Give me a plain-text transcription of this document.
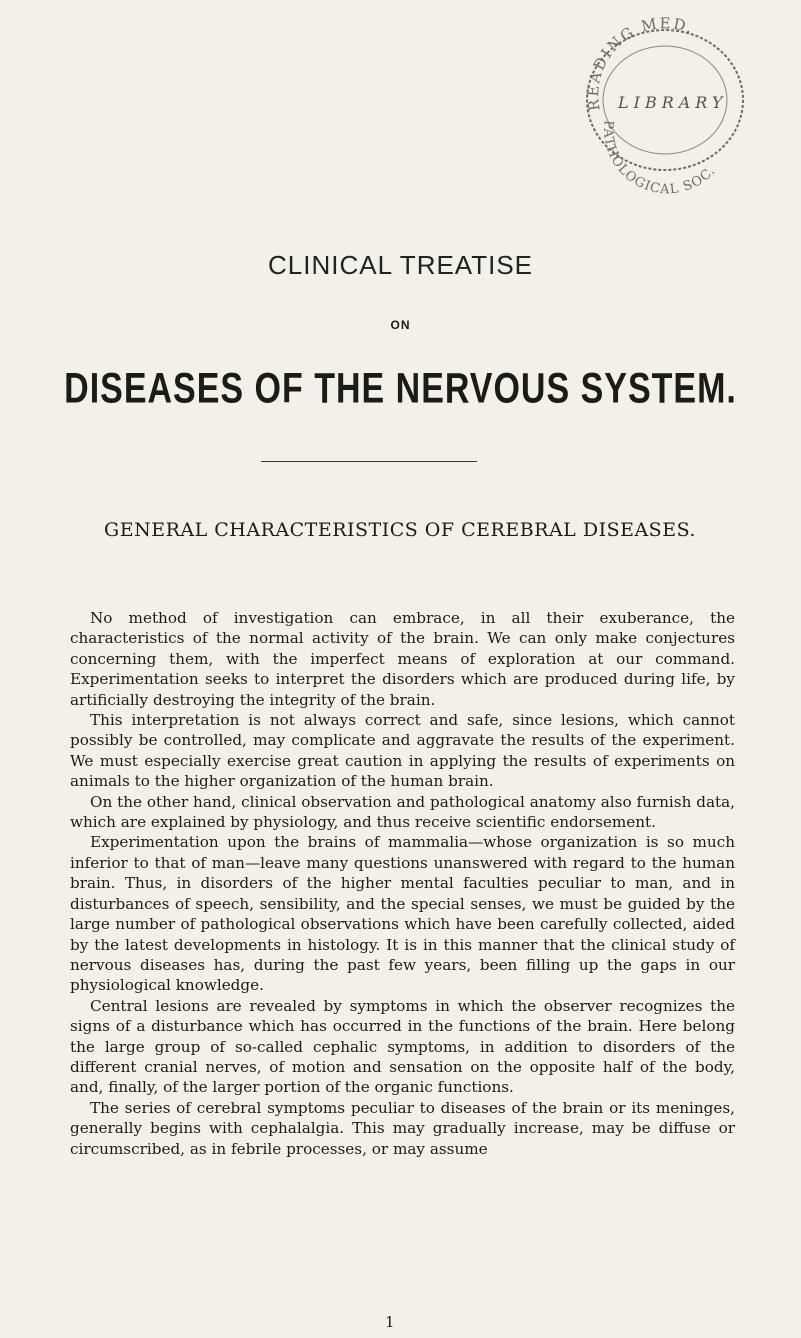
READING MED.
LIBRARY
PATHOLOGICAL SOC.
CLINICAL TREATISE
ON
DISEASES OF THE NERVOUS SYSTEM.
GENERAL CHARACTERISTICS OF CEREBRAL DISEASES.

No method of investigation can embrace, in all their exuberance, the characteristics of the normal activity of the brain. We can only make conjectures concerning them, with the imperfect means of exploration at our command. Experimentation seeks to interpret the disorders which are produced during life, by artificially destroying the integrity of the brain.

This interpretation is not always correct and safe, since lesions, which cannot possibly be controlled, may complicate and aggravate the results of the experiment. We must especially exercise great caution in applying the results of experiments on animals to the higher organization of the human brain.

On the other hand, clinical observation and pathological anatomy also furnish data, which are explained by physiology, and thus receive scientific endorsement.

Experimentation upon the brains of mammalia—whose organization is so much inferior to that of man—leave many questions unanswered with regard to the human brain. Thus, in disorders of the higher mental faculties peculiar to man, and in disturbances of speech, sensibility, and the special senses, we must be guided by the large number of pathological observations which have been carefully collected, aided by the latest developments in histology. It is in this manner that the clinical study of nervous diseases has, during the past few years, been filling up the gaps in our physiological knowledge.

Central lesions are revealed by symptoms in which the observer recognizes the signs of a disturbance which has occurred in the functions of the brain. Here belong the large group of so-called cephalic symptoms, in addition to disorders of the different cranial nerves, of motion and sensation on the opposite half of the body, and, finally, of the larger portion of the organic functions.

The series of cerebral symptoms peculiar to diseases of the brain or its meninges, generally begins with cephalalgia. This may gradually increase, may be diffuse or circumscribed, as in febrile processes, or may assume

1
